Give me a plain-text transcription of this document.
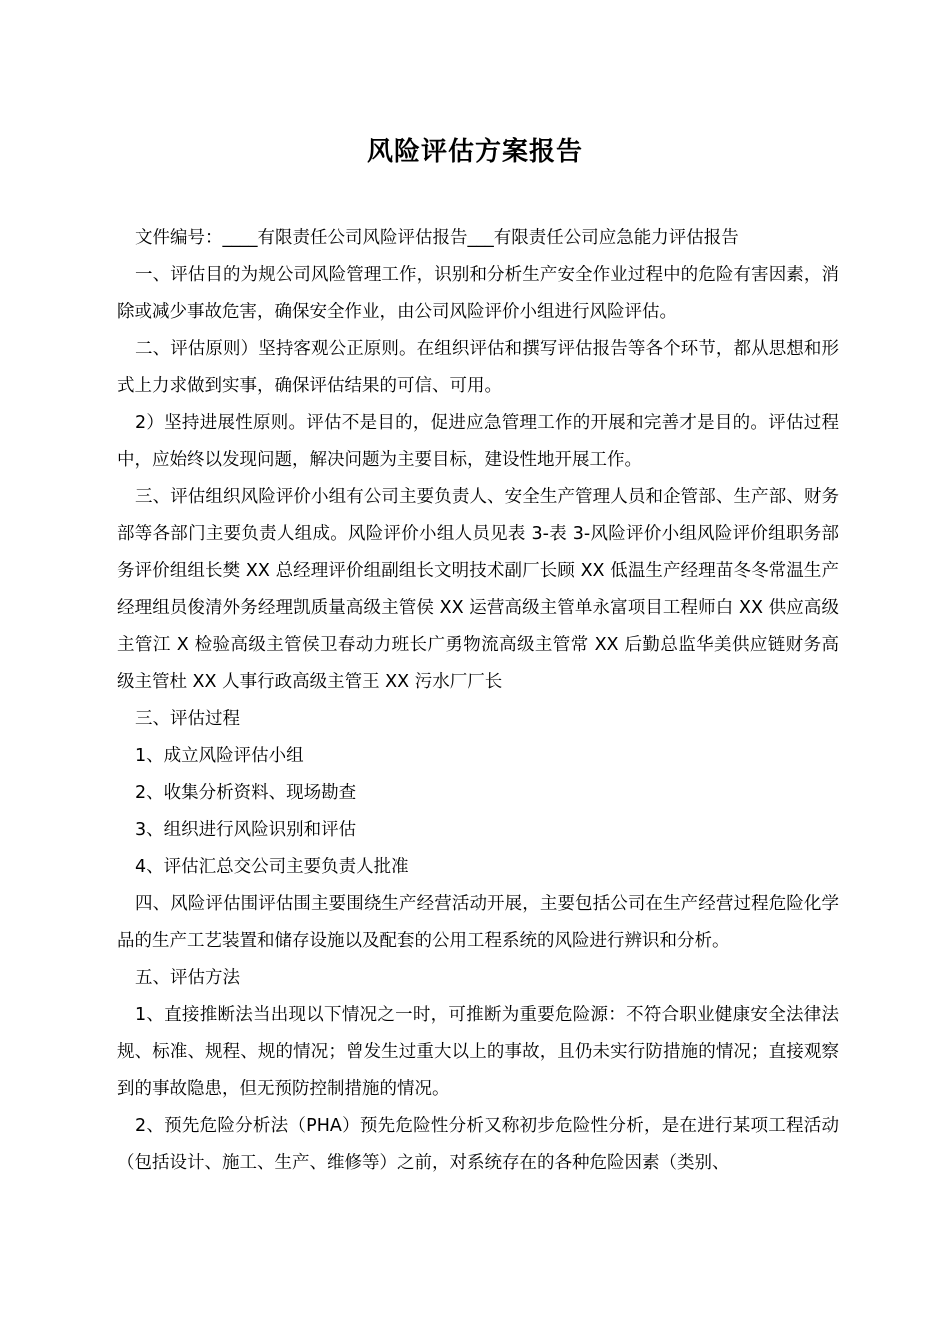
风险评估方案报告

文件编号：____有限责任公司风险评估报告___有限责任公司应急能力评估报告

一、评估目的为规公司风险管理工作，识别和分析生产安全作业过程中的危险有害因素，消除或减少事故危害，确保安全作业，由公司风险评价小组进行风险评估。

二、评估原则）坚持客观公正原则。在组织评估和撰写评估报告等各个环节，都从思想和形式上力求做到实事，确保评估结果的可信、可用。

2）坚持进展性原则。评估不是目的，促进应急管理工作的开展和完善才是目的。评估过程中，应始终以发现问题，解决问题为主要目标，建设性地开展工作。

三、评估组织风险评价小组有公司主要负责人、安全生产管理人员和企管部、生产部、财务部等各部门主要负责人组成。风险评价小组人员见表 3-表 3-风险评价小组风险评价组职务部务评价组组长樊 XX 总经理评价组副组长文明技术副厂长顾 XX 低温生产经理苗冬冬常温生产经理组员俊清外务经理凯质量高级主管侯 XX 运营高级主管单永富项目工程师白 XX 供应高级主管江 X 检验高级主管侯卫春动力班长广勇物流高级主管常 XX 后勤总监华美供应链财务高级主管杜 XX 人事行政高级主管王 XX 污水厂厂长

三、评估过程

1、成立风险评估小组

2、收集分析资料、现场勘查

3、组织进行风险识别和评估

4、评估汇总交公司主要负责人批准

四、风险评估围评估围主要围绕生产经营活动开展，主要包括公司在生产经营过程危险化学品的生产工艺装置和储存设施以及配套的公用工程系统的风险进行辨识和分析。

五、评估方法

1、直接推断法当出现以下情况之一时，可推断为重要危险源：不符合职业健康安全法律法规、标准、规程、规的情况；曾发生过重大以上的事故，且仍未实行防措施的情况；直接观察到的事故隐患，但无预防控制措施的情况。

2、预先危险分析法（PHA）预先危险性分析又称初步危险性分析，是在进行某项工程活动（包括设计、施工、生产、维修等）之前，对系统存在的各种危险因素（类别、
